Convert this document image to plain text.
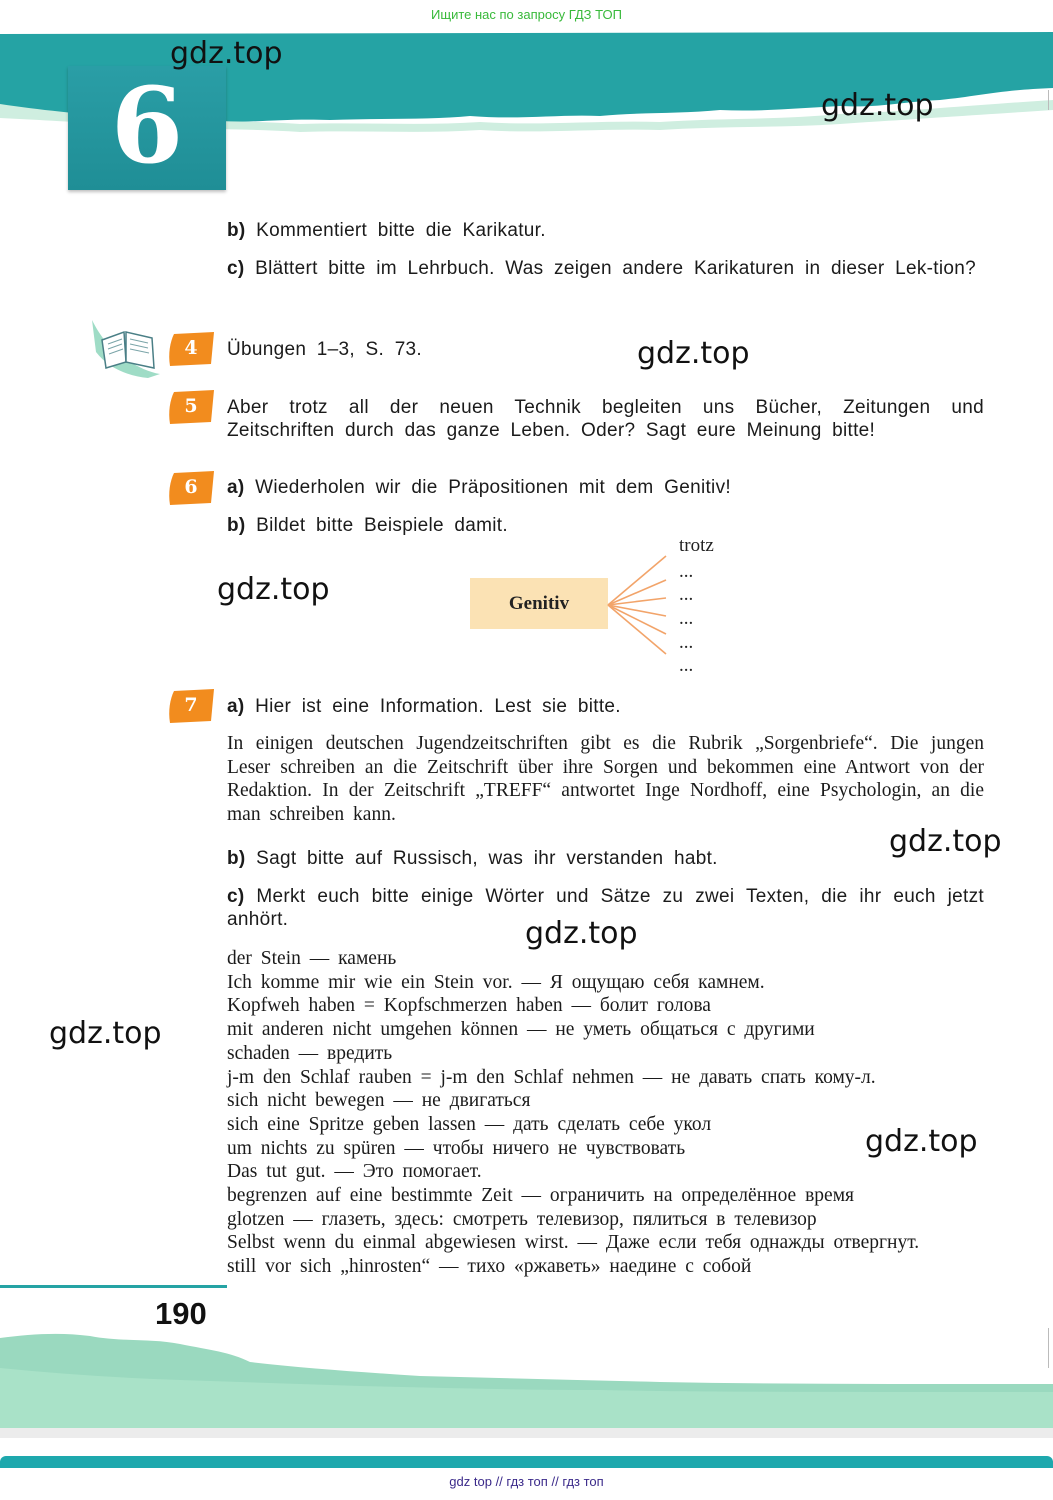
Ищите нас по запросу ГДЗ ТОП
6
gdz.top
gdz.top
gdz.top
gdz.top
gdz.top
gdz.top
gdz.top
gdz.top
b) Kommentiert bitte die Karikatur.
c) Blättert bitte im Lehrbuch. Was zeigen andere Karikaturen in dieser Lek-tion?
4	Übungen 1–3, S. 73.
5	Aber trotz all der neuen Technik begleiten uns Bücher, Zeitungen und Zeitschriften durch das ganze Leben. Oder? Sagt eure Meinung bitte!
6	a) Wiederholen wir die Präpositionen mit dem Genitiv!
b) Bildet bitte Beispiele damit.
Genitiv
trotz
...
...
...
...
...
7	a) Hier ist eine Information. Lest sie bitte.
In einigen deutschen Jugendzeitschriften gibt es die Rubrik „Sorgenbriefe“. Die jungen Leser schreiben an die Zeitschrift über ihre Sorgen und bekommen eine Antwort von der Redaktion. In der Zeitschrift „TREFF“ antwortet Inge Nordhoff, eine Psychologin, an die man schreiben kann.
b) Sagt bitte auf Russisch, was ihr verstanden habt.
c) Merkt euch bitte einige Wörter und Sätze zu zwei Texten, die ihr euch jetzt anhört.
der Stein — камень
Ich komme mir wie ein Stein vor. — Я ощущаю себя камнем.
Kopfweh haben = Kopfschmerzen haben — болит голова
mit anderen nicht umgehen können — не уметь общаться с другими
schaden — вредить
j-m den Schlaf rauben = j-m den Schlaf nehmen — не давать спать кому-л.
sich nicht bewegen — не двигаться
sich eine Spritze geben lassen — дать сделать себе укол
um nichts zu spüren — чтобы ничего не чувствовать
Das tut gut. — Это помогает.
begrenzen auf eine bestimmte Zeit — ограничить на определённое время
glotzen — глазеть, здесь: смотреть телевизор, пялиться в телевизор
Selbst wenn du einmal abgewiesen wirst. — Даже если тебя однажды отвергнут.
still vor sich „hinrosten“ — тихо «ржаветь» наедине с собой
190
gdz top // гдз топ // гдз топ
